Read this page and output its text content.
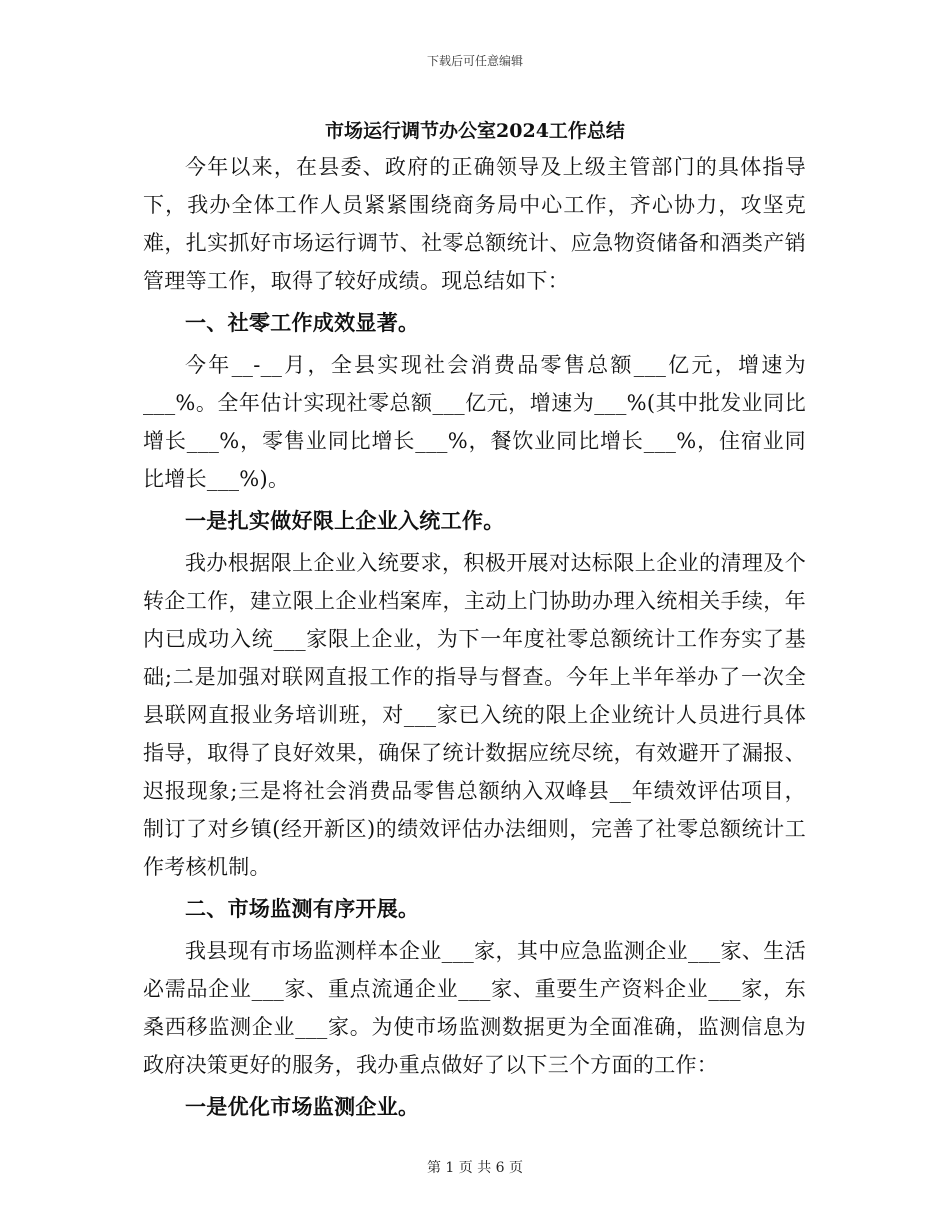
下载后可任意编辑
市场运行调节办公室2024工作总结

今年以来，在县委、政府的正确领导及上级主管部门的具体指导下，我办全体工作人员紧紧围绕商务局中心工作，齐心协力，攻坚克难，扎实抓好市场运行调节、社零总额统计、应急物资储备和酒类产销管理等工作，取得了较好成绩。现总结如下：

一、社零工作成效显著。

今年__-__月，全县实现社会消费品零售总额___亿元，增速为___%。全年估计实现社零总额___亿元，增速为___%(其中批发业同比增长___%，零售业同比增长___%，餐饮业同比增长___%，住宿业同比增长___%)。

一是扎实做好限上企业入统工作。

我办根据限上企业入统要求，积极开展对达标限上企业的清理及个转企工作，建立限上企业档案库，主动上门协助办理入统相关手续，年内已成功入统___家限上企业，为下一年度社零总额统计工作夯实了基础;二是加强对联网直报工作的指导与督查。今年上半年举办了一次全县联网直报业务培训班，对___家已入统的限上企业统计人员进行具体指导，取得了良好效果，确保了统计数据应统尽统，有效避开了漏报、迟报现象;三是将社会消费品零售总额纳入双峰县__年绩效评估项目，制订了对乡镇(经开新区)的绩效评估办法细则，完善了社零总额统计工作考核机制。

二、市场监测有序开展。

我县现有市场监测样本企业___家，其中应急监测企业___家、生活必需品企业___家、重点流通企业___家、重要生产资料企业___家，东桑西移监测企业___家。为使市场监测数据更为全面准确，监测信息为政府决策更好的服务，我办重点做好了以下三个方面的工作：

一是优化市场监测企业。

第 1 页 共 6 页
